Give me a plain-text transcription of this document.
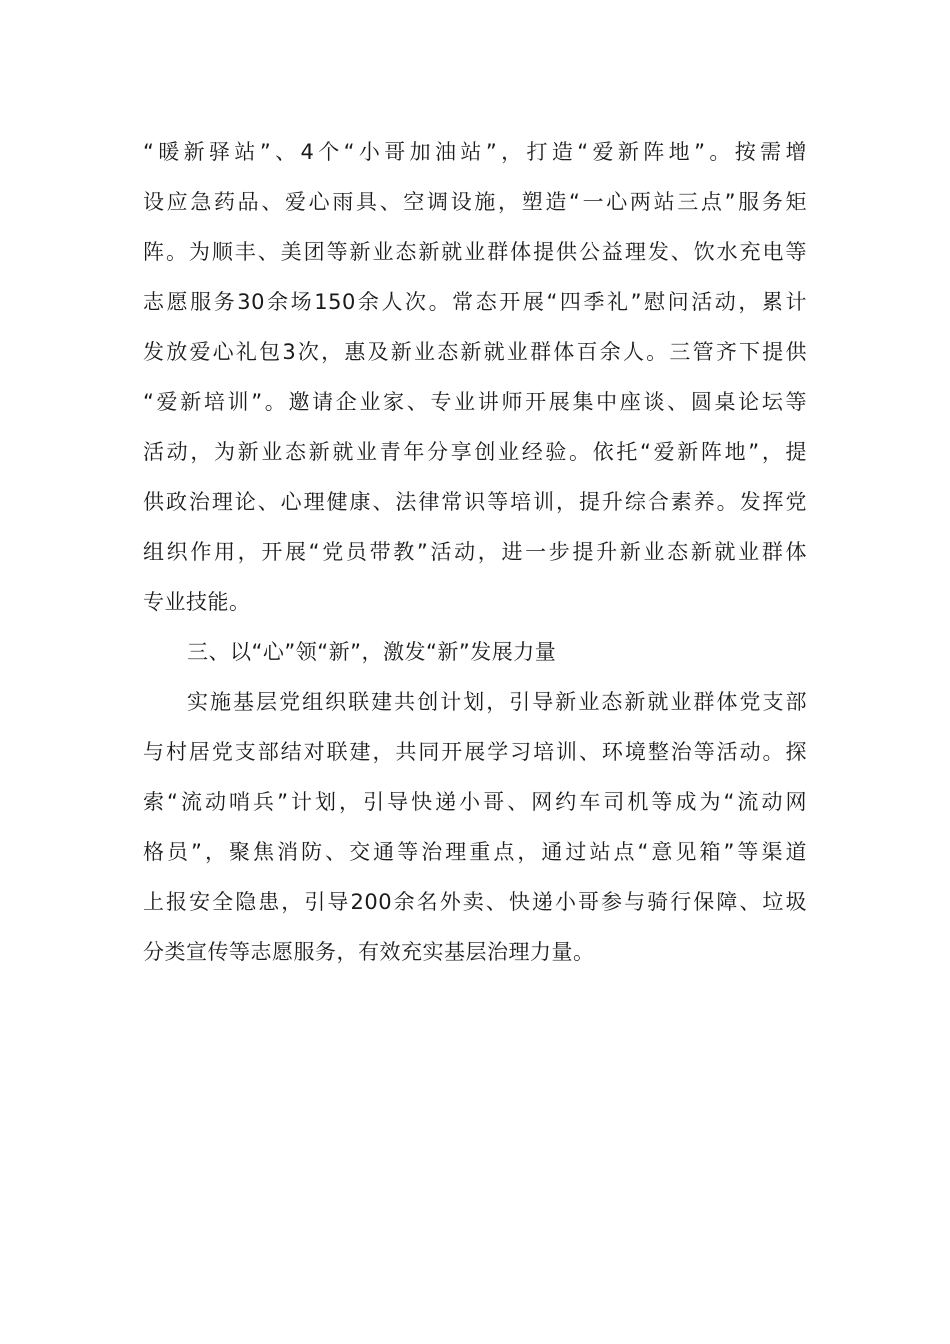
“暖新驿站”、4个“小哥加油站”，打造“爱新阵地”。按需增
设应急药品、爱心雨具、空调设施，塑造“一心两站三点”服务矩
阵。为顺丰、美团等新业态新就业群体提供公益理发、饮水充电等
志愿服务30余场150余人次。常态开展“四季礼”慰问活动，累计
发放爱心礼包3次，惠及新业态新就业群体百余人。三管齐下提供
“爱新培训”。邀请企业家、专业讲师开展集中座谈、圆桌论坛等
活动，为新业态新就业青年分享创业经验。依托“爱新阵地”，提
供政治理论、心理健康、法律常识等培训，提升综合素养。发挥党
组织作用，开展“党员带教”活动，进一步提升新业态新就业群体
专业技能。
三、以“心”领“新”，激发“新”发展力量
实施基层党组织联建共创计划，引导新业态新就业群体党支部
与村居党支部结对联建，共同开展学习培训、环境整治等活动。探
索“流动哨兵”计划，引导快递小哥、网约车司机等成为“流动网
格员”，聚焦消防、交通等治理重点，通过站点“意见箱”等渠道
上报安全隐患，引导200余名外卖、快递小哥参与骑行保障、垃圾
分类宣传等志愿服务，有效充实基层治理力量。
